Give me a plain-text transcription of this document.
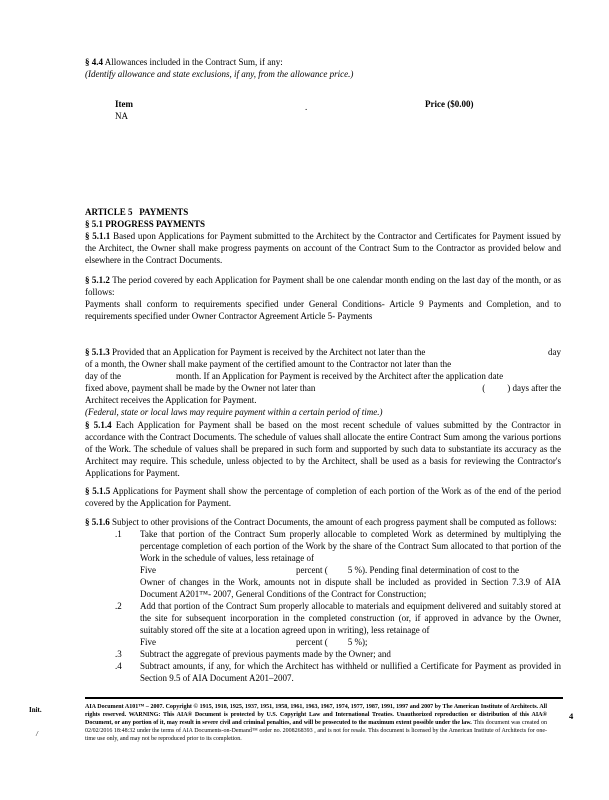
§ 4.4 Allowances included in the Contract Sum, if any:

(Identify allowance and state exclusions, if any, from the allowance price.)

Item	.	Price ($0.00)
NA

ARTICLE 5   PAYMENTS

§ 5.1 PROGRESS PAYMENTS

§ 5.1.1 Based upon Applications for Payment submitted to the Architect by the Contractor and Certificates for Payment issued by the Architect, the Owner shall make progress payments on account of the Contract Sum to the Contractor as provided below and elsewhere in the Contract Documents.

§ 5.1.2 The period covered by each Application for Payment shall be one calendar month ending on the last day of the month, or as follows:

Payments shall conform to requirements specified under General Conditions- Article 9 Payments and Completion, and to requirements specified under Owner Contractor Agreement Article 5- Payments

§ 5.1.3 Provided that an Application for Payment is received by the Architect not later than the	day
of a month, the Owner shall make payment of the certified amount to the Contractor not later than the
day of the	month. If an Application for Payment is received by the Architect after the application date
fixed above, payment shall be made by the Owner not later than	( ) days after the
Architect receives the Application for Payment.
(Federal, state or local laws may require payment within a certain period of time.)

§ 5.1.4 Each Application for Payment shall be based on the most recent schedule of values submitted by the Contractor in accordance with the Contract Documents. The schedule of values shall allocate the entire Contract Sum among the various portions of the Work. The schedule of values shall be prepared in such form and supported by such data to substantiate its accuracy as the Architect may require. This schedule, unless objected to by the Architect, shall be used as a basis for reviewing the Contractor's Applications for Payment.

§ 5.1.5 Applications for Payment shall show the percentage of completion of each portion of the Work as of the end of the period covered by the Application for Payment.

§ 5.1.6 Subject to other provisions of the Contract Documents, the amount of each progress payment shall be computed as follows:

.1	Take that portion of the Contract Sum properly allocable to completed Work as determined by multiplying the percentage completion of each portion of the Work by the share of the Contract Sum allocated to that portion of the Work in the schedule of values, less retainage of
Five	percent ( 5 %). Pending final determination of cost to the
Owner of changes in the Work, amounts not in dispute shall be included as provided in Section 7.3.9 of AIA Document A201™- 2007, General Conditions of the Contract for Construction;
.2	Add that portion of the Contract Sum properly allocable to materials and equipment delivered and suitably stored at the site for subsequent incorporation in the completed construction (or, if approved in advance by the Owner, suitably stored off the site at a location agreed upon in writing), less retainage of
Five	percent ( 5 %);
.3	Subtract the aggregate of previous payments made by the Owner; and
.4	Subtract amounts, if any, for which the Architect has withheld or nullified a Certificate for Payment as provided in Section 9.5 of AIA Document A201–2007.
Init.
/
AIA Document A101™ – 2007. Copyright © 1915, 1918, 1925, 1937, 1951, 1958, 1961, 1963, 1967, 1974, 1977, 1987, 1991, 1997 and 2007 by The American Institute of Architects. All rights reserved. WARNING: This AIA® Document is protected by U.S. Copyright Law and International Treaties. Unauthorized reproduction or distribution of this AIA® Document, or any portion of it, may result in severe civil and criminal penalties, and will be prosecuted to the maximum extent possible under the law. This document was created on 02/02/2016 18:48:32 under the terms of AIA Documents-on-Demand™ order no. 2008268393 , and is not for resale. This document is licensed by the American Institute of Architects for one-time use only, and may not be reproduced prior to its completion.
4
